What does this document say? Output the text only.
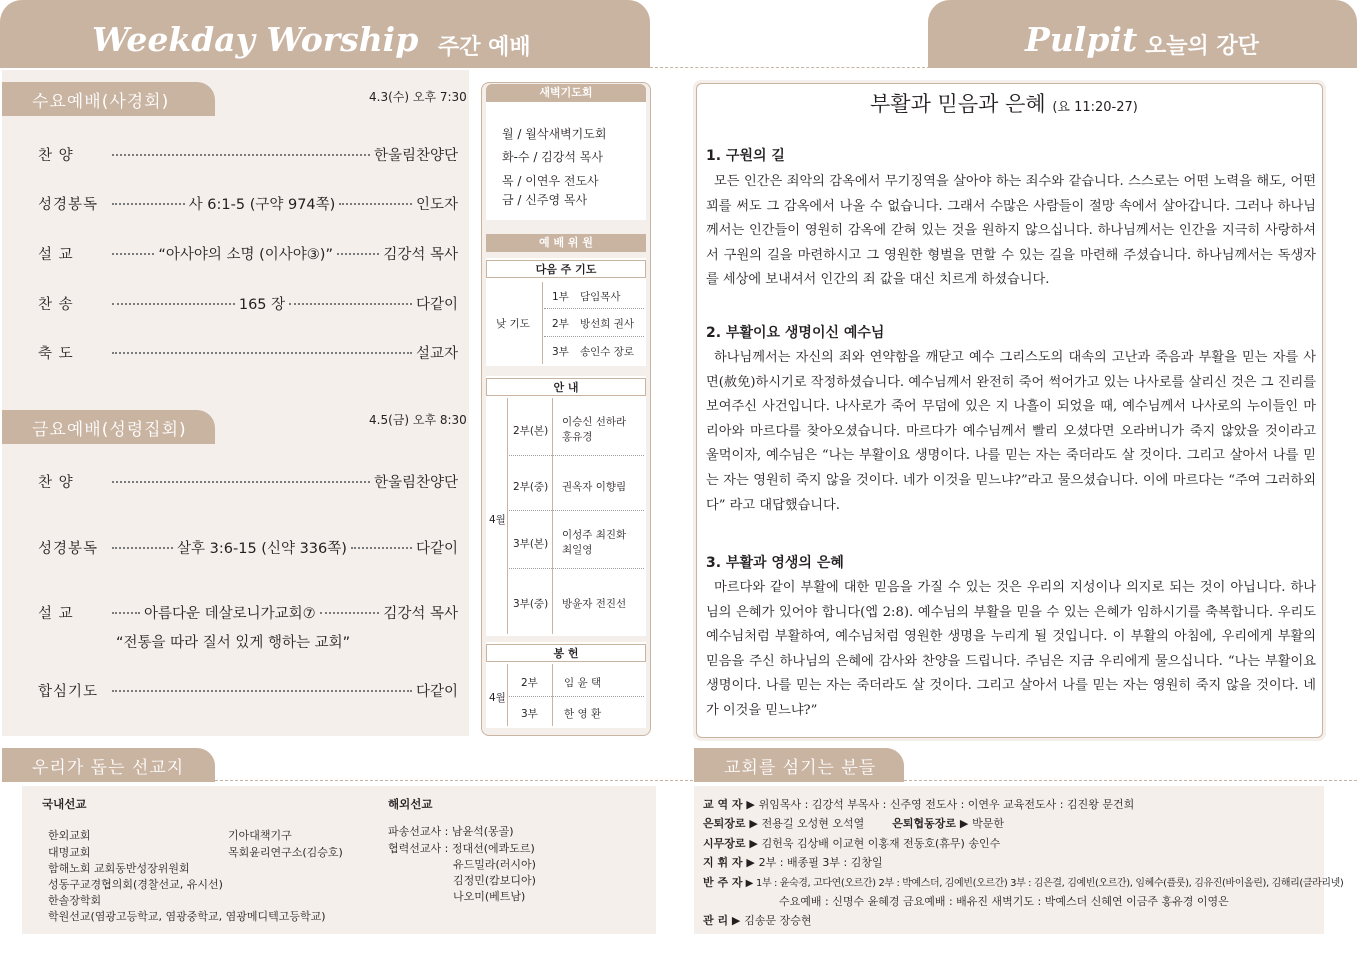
Weekday Worship 주간 예배	Pulpit 오늘의 강단
수요예배(사경회)	4.3(수) 오후 7:30
찬 양	한울림찬양단
성경봉독	사 6:1-5 (구약 974쪽)	인도자
설 교	“아사야의 소명 (이사야③)”	김강석 목사
찬 송	165 장	다같이
축 도	설교자
금요예배(성령집회)	4.5(금) 오후 8:30
찬 양	한울림찬양단
성경봉독	살후 3:6-15 (신약 336쪽)	다같이
설 교	아름다운 데살로니가교회⑦	김강석 목사
“전통을 따라 질서 있게 행하는 교회”
합심기도	다같이
새벽기도회
월 / 월삭새벽기도회
화-수 / 김강석 목사
목 / 이연우 전도사
금 / 신주영 목사
예 배 위 원
다음 주 기도
낮 기도
1부 담임목사
2부 방선희 권사
3부 송인수 장로
안 내
4월
2부(본)
이승신 선하라
홍유경
2부(중) 권옥자 이향림
3부(본)
이성주 최진화
최일영
3부(중) 방윤자 전진선
봉 헌
4월
2부 임 윤 택
3부 한 영 환
부활과 믿음과 은혜 (요 11:20-27)
1. 구원의 길
모든 인간은 죄악의 감옥에서 무기징역을 살아야 하는 죄수와 같습니다. 스스로는 어떤 노력을 해도, 어떤 꾀를 써도 그 감옥에서 나올 수 없습니다. 그래서 수많은 사람들이 절망 속에서 살아갑니다. 그러나 하나님께서는 인간들이 영원히 감옥에 갇혀 있는 것을 원하지 않으십니다. 하나님께서는 인간을 지극히 사랑하셔서 구원의 길을 마련하시고 그 영원한 형벌을 면할 수 있는 길을 마련해 주셨습니다. 하나님께서는 독생자를 세상에 보내셔서 인간의 죄 값을 대신 치르게 하셨습니다.
2. 부활이요 생명이신 예수님
하나님께서는 자신의 죄와 연약함을 깨닫고 예수 그리스도의 대속의 고난과 죽음과 부활을 믿는 자를 사면(赦免)하시기로 작정하셨습니다. 예수님께서 완전히 죽어 썩어가고 있는 나사로를 살리신 것은 그 진리를 보여주신 사건입니다. 나사로가 죽어 무덤에 있은 지 나흘이 되었을 때, 예수님께서 나사로의 누이들인 마리아와 마르다를 찾아오셨습니다. 마르다가 예수님께서 빨리 오셨다면 오라버니가 죽지 않았을 것이라고 울먹이자, 예수님은 “나는 부활이요 생명이다. 나를 믿는 자는 죽더라도 살 것이다. 그리고 살아서 나를 믿는 자는 영원히 죽지 않을 것이다. 네가 이것을 믿느냐?”라고 물으셨습니다. 이에 마르다는 “주여 그러하외다” 라고 대답했습니다.
3. 부활과 영생의 은혜
마르다와 같이 부활에 대한 믿음을 가질 수 있는 것은 우리의 지성이나 의지로 되는 것이 아닙니다. 하나님의 은혜가 있어야 합니다(엡 2:8). 예수님의 부활을 믿을 수 있는 은혜가 임하시기를 축복합니다. 우리도 예수님처럼 부활하여, 예수님처럼 영원한 생명을 누리게 될 것입니다. 이 부활의 아침에, 우리에게 부활의 믿음을 주신 하나님의 은혜에 감사와 찬양을 드립니다. 주님은 지금 우리에게 물으십니다. “나는 부활이요 생명이다. 나를 믿는 자는 죽더라도 살 것이다. 그리고 살아서 나를 믿는 자는 영원히 죽지 않을 것이다. 네가 이것을 믿느냐?”
우리가 돕는 선교지
국내선교
한외교회
대명교회
함해노회 교회동반성장위원회
성동구교경협의회(경찰선교, 유시선)
한솔장학회
학원선교(염광고등학교, 염광중학교, 염광메디텍고등학교)
기아대책기구
목회윤리연구소(김승호)
해외선교
파송선교사 : 남윤석(몽골)
협력선교사 : 정대선(에콰도르)
유드밀라(러시아)
김정민(캄보디아)
나오미(베트남)
교회를 섬기는 분들
교 역 자 ▶ 위임목사 : 김강석 부목사 : 신주영 전도사 : 이연우 교육전도사 : 김진왕 문건희
은퇴장로 ▶ 전용길 오성현 오석열	은퇴협동장로 ▶ 박문한
시무장로 ▶ 김헌욱 김상배 이교현 이홍재 전동호(휴무) 송인수
지 휘 자 ▶ 2부 : 배종필 3부 : 김창일
반 주 자 ▶ 1부 : 윤숙경, 고다연(오르간) 2부 : 박예스더, 김예빈(오르간) 3부 : 김은결, 김예빈(오르간), 임혜수(플룻), 김유진(바이올린), 김해리(클라리넷)
수요예배 : 신명수 윤혜경 금요예배 : 배유진 새벽기도 : 박예스더 신혜연 이금주 홍유경 이영은
관 리 ▶ 김송문 장승현
